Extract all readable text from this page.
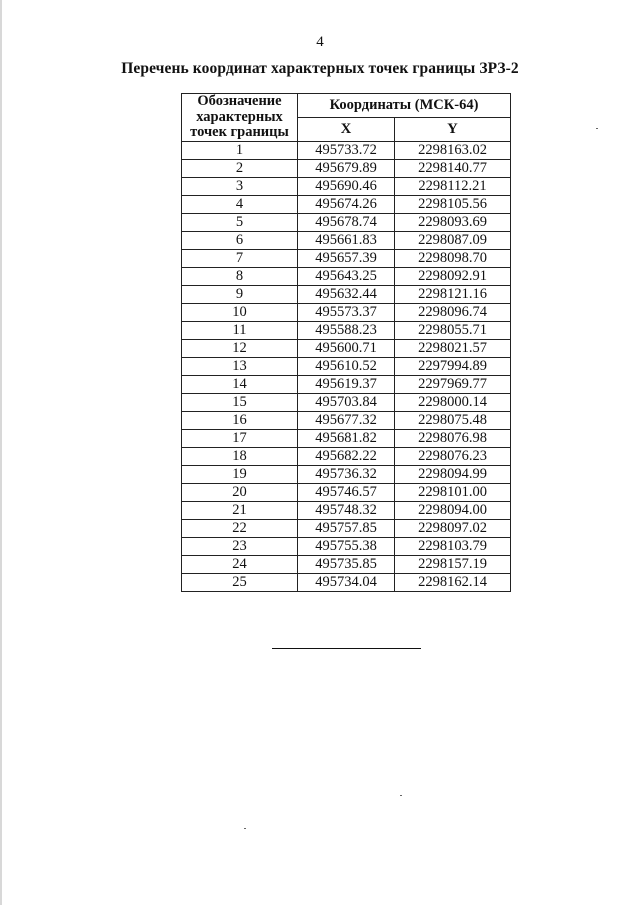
4
Перечень координат характерных точек границы ЗРЗ-2
Обозначение
характерных
точек границы	Координаты (МСК-64)	
	X	Y
1	495733.72	2298163.02
2	495679.89	2298140.77
3	495690.46	2298112.21
4	495674.26	2298105.56
5	495678.74	2298093.69
6	495661.83	2298087.09
7	495657.39	2298098.70
8	495643.25	2298092.91
9	495632.44	2298121.16
10	495573.37	2298096.74
11	495588.23	2298055.71
12	495600.71	2298021.57
13	495610.52	2297994.89
14	495619.37	2297969.77
15	495703.84	2298000.14
16	495677.32	2298075.48
17	495681.82	2298076.98
18	495682.22	2298076.23
19	495736.32	2298094.99
20	495746.57	2298101.00
21	495748.32	2298094.00
22	495757.85	2298097.02
23	495755.38	2298103.79
24	495735.85	2298157.19
25	495734.04	2298162.14
